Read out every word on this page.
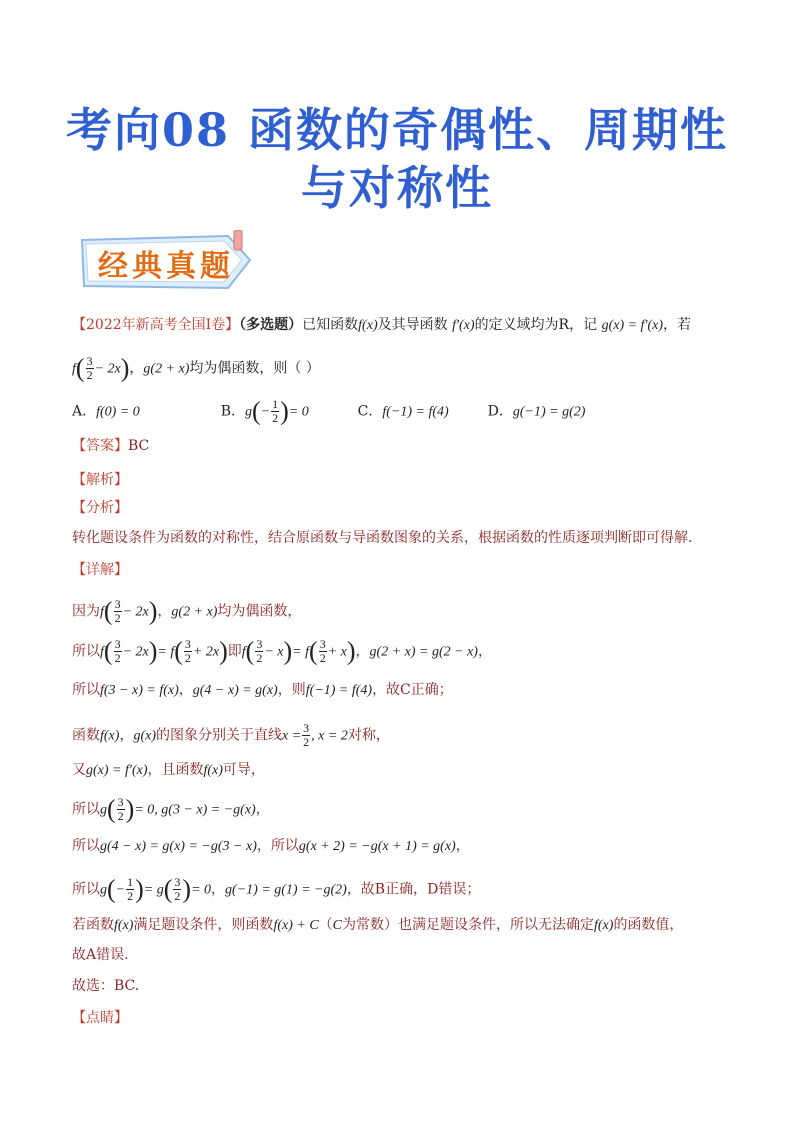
考向08 函数的奇偶性、周期性
与对称性
经典真题
【2022年新高考全国I卷】（多选题）已知函数f(x)及其导函数 f′(x)的定义域均为R，记 g(x) = f′(x)，若
$f( \frac{3}{2} - 2x)$，g(2 + x)均为偶函数，则（ ）
A．f(0) = 0	B．$g(- \frac{1}{2}$ )= 0	C．f(−1) = f(4)	D．g(−1) = g(2)
【答案】BC
【解析】
【分析】
转化题设条件为函数的对称性，结合原函数与导函数图象的关系，根据函数的性质逐项判断即可得解.
【详解】
因为$f( \frac{3}{2} - 2x)$，g(2 + x)均为偶函数，
所以$f( \frac{3}{2} - 2x)= f( \frac{3}{2} + 2x)$即$f( \frac{3}{2} - x)= f( \frac{3}{2} + x)$，g(2 + x) = g(2 − x)，
所以f(3 − x) = f(x)，g(4 − x) = g(x)，则f(−1) = f(4)，故C正确；
函数f(x)，g(x)的图象分别关于直线$x = \frac{3}{2}$ , x = 2对称，
又g(x) = f′(x)，且函数f(x)可导，
所以$g( \frac{3}{2}$ )= 0, g(3 − x) = −g(x)，
所以g(4 − x) = g(x) = −g(3 − x)，所以g(x + 2) = −g(x + 1) = g(x)，
所以$g(- \frac{1}{2}$ )= $g( \frac{3}{2}$ )= 0，g(−1) = g(1) = −g(2)，故B正确，D错误；
若函数f(x)满足题设条件，则函数f(x) + C（C为常数）也满足题设条件，所以无法确定f(x)的函数值，
故A错误.
故选：BC.
【点睛】
